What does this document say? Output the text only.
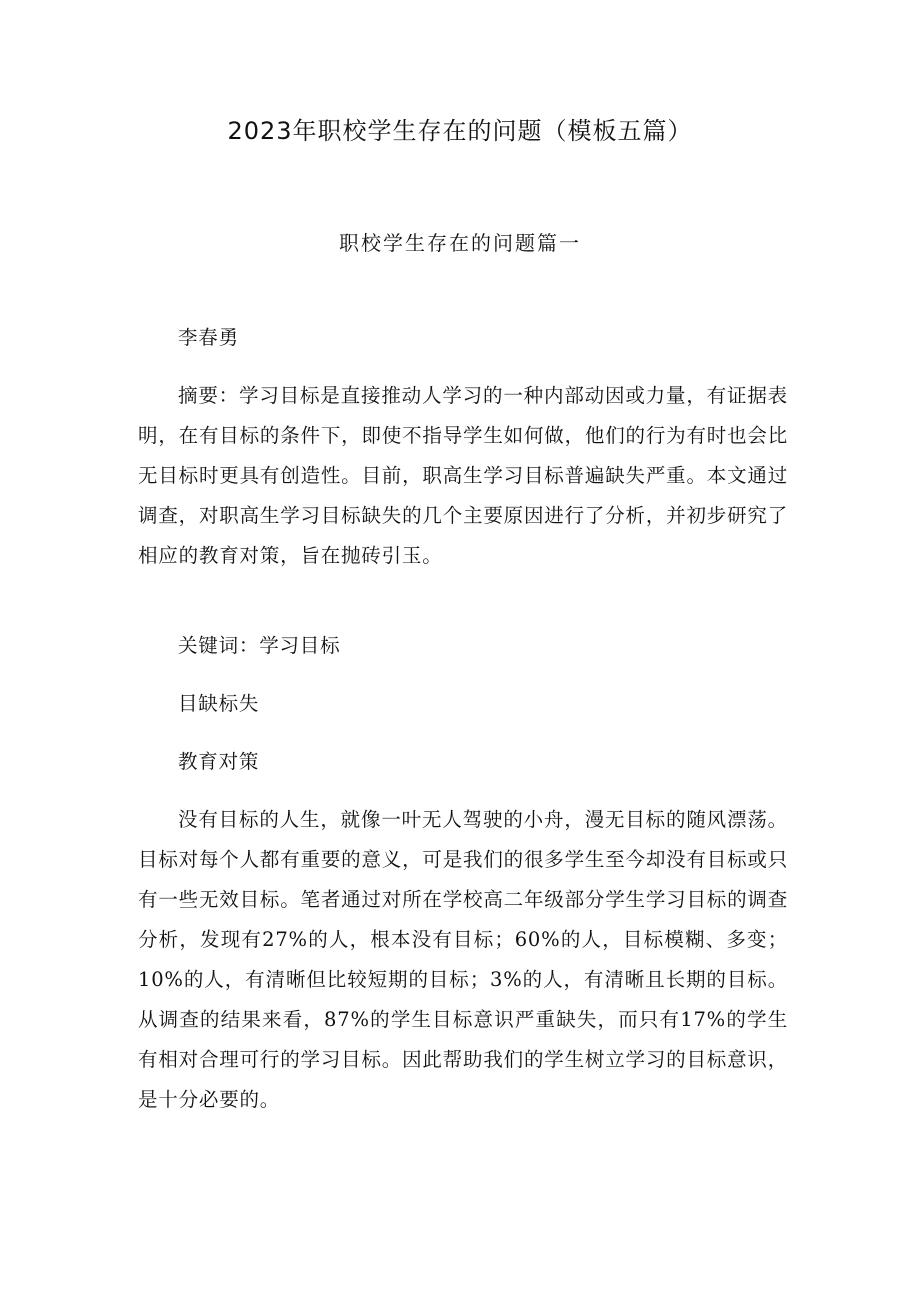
2023年职校学生存在的问题（模板五篇）
职校学生存在的问题篇一

李春勇

摘要：学习目标是直接推动人学习的一种内部动因或力量，有证据表明，在有目标的条件下，即使不指导学生如何做，他们的行为有时也会比无目标时更具有创造性。目前，职高生学习目标普遍缺失严重。本文通过调查，对职高生学习目标缺失的几个主要原因进行了分析，并初步研究了相应的教育对策，旨在抛砖引玉。

关键词：学习目标

目缺标失

教育对策

没有目标的人生，就像一叶无人驾驶的小舟，漫无目标的随风漂荡。目标对每个人都有重要的意义，可是我们的很多学生至今却没有目标或只有一些无效目标。笔者通过对所在学校高二年级部分学生学习目标的调查分析，发现有27%的人，根本没有目标；60%的人，目标模糊、多变；10%的人，有清晰但比较短期的目标；3%的人，有清晰且长期的目标。从调查的结果来看，87%的学生目标意识严重缺失，而只有17%的学生有相对合理可行的学习目标。因此帮助我们的学生树立学习的目标意识，是十分必要的。
